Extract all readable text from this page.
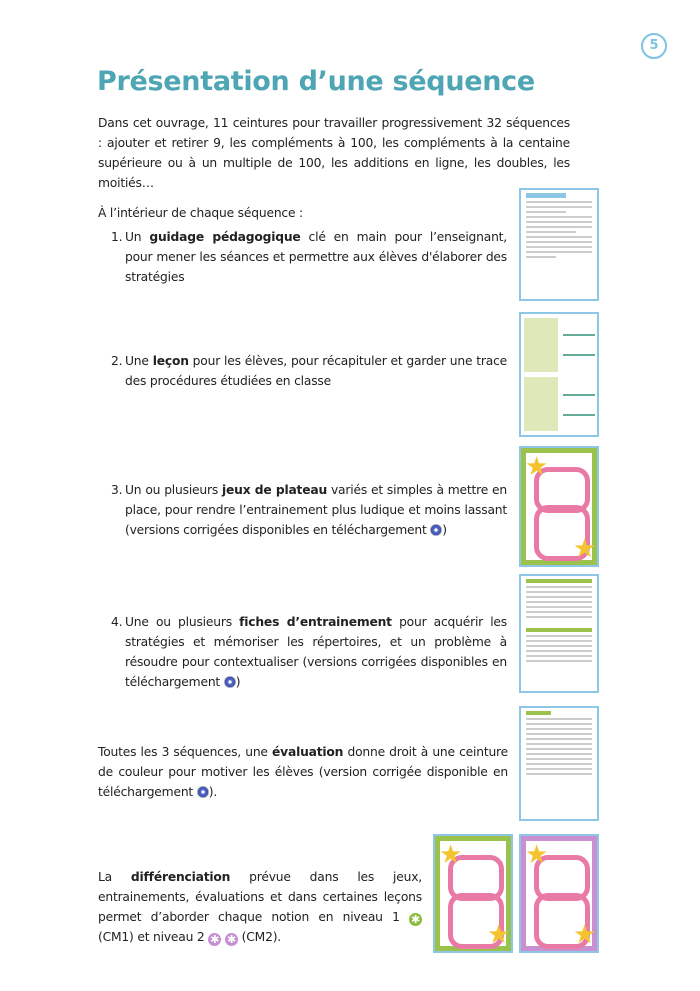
5
Présentation d’une séquence
Dans cet ouvrage, 11 ceintures pour travailler progressivement 32 séquences : ajouter et retirer 9, les compléments à 100, les compléments à la centaine supérieure ou à un multiple de 100, les additions en ligne, les doubles, les moitiés…
À l’intérieur de chaque séquence :
1. Un guidage pédagogique clé en main pour l’enseignant, pour mener les séances et permettre aux élèves d'élaborer des stratégies
2. Une leçon pour les élèves, pour récapituler et garder une trace des procédures étudiées en classe
3. Un ou plusieurs jeux de plateau variés et simples à mettre en place, pour rendre l’entrainement plus ludique et moins lassant (versions corrigées disponibles en téléchargement )
4. Une ou plusieurs fiches d’entrainement pour acquérir les stratégies et mémoriser les répertoires, et un problème à résoudre pour contextualiser (versions corrigées disponibles en téléchargement )
Toutes les 3 séquences, une évaluation donne droit à une ceinture de couleur pour motiver les élèves (version corrigée disponible en téléchargement ).
La différenciation prévue dans les jeux, entrainements, évaluations et dans certaines leçons permet d’aborder chaque notion en niveau 1 ✱ (CM1) et niveau 2 ✱ ✱ (CM2).
★
★
★
★
★
★
